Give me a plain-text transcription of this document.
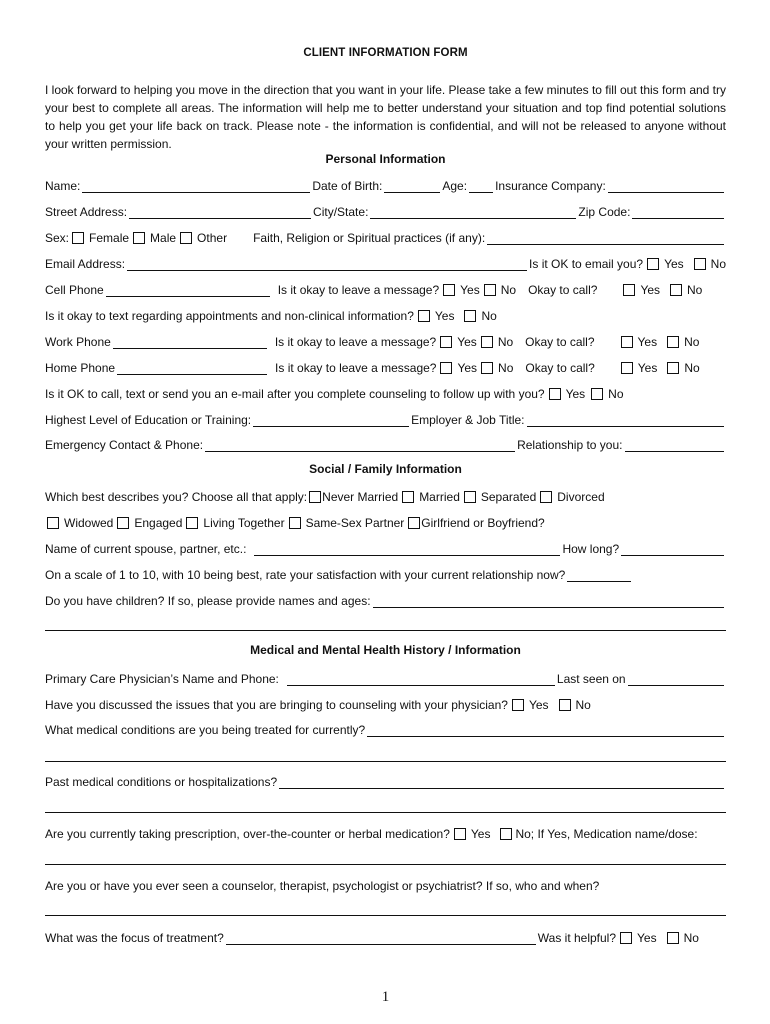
CLIENT INFORMATION FORM
I look forward to helping you move in the direction that you want in your life. Please take a few minutes to fill out this form and try your best to complete all areas. The information will help me to better understand your situation and top find potential solutions to help you get your life back on track. Please note - the information is confidential, and will not be released to anyone without your written permission.
Personal Information
Name:	Date of Birth:	Age: Insurance Company:
Street Address:	City/State:	Zip Code:
Sex: Female Male Other Faith, Religion or Spiritual practices (if any):
Email Address:	Is it OK to email you? Yes No
Cell Phone	Is it okay to leave a message? Yes No Okay to call?	Yes No
Is it okay to text regarding appointments and non-clinical information? Yes No
Work Phone	Is it okay to leave a message? Yes No Okay to call?	Yes No
Home Phone	Is it okay to leave a message? Yes No Okay to call?	Yes No
Is it OK to call, text or send you an e-mail after you complete counseling to follow up with you? Yes No
Highest Level of Education or Training:	Employer & Job Title:
Emergency Contact & Phone:	Relationship to you:
Social / Family Information
Which best describes you? Choose all that apply: Never Married Married Separated Divorced
Widowed Engaged Living Together Same-Sex Partner Girlfriend or Boyfriend?
Name of current spouse, partner, etc.:	How long?
On a scale of 1 to 10, with 10 being best, rate your satisfaction with your current relationship now?
Do you have children? If so, please provide names and ages:
Medical and Mental Health History / Information
Primary Care Physician’s Name and Phone:	Last seen on
Have you discussed the issues that you are bringing to counseling with your physician? Yes No
What medical conditions are you being treated for currently?
Past medical conditions or hospitalizations?
Are you currently taking prescription, over-the-counter or herbal medication? Yes No; If Yes, Medication name/dose:
Are you or have you ever seen a counselor, therapist, psychologist or psychiatrist? If so, who and when?
What was the focus of treatment?	Was it helpful? Yes No
1
